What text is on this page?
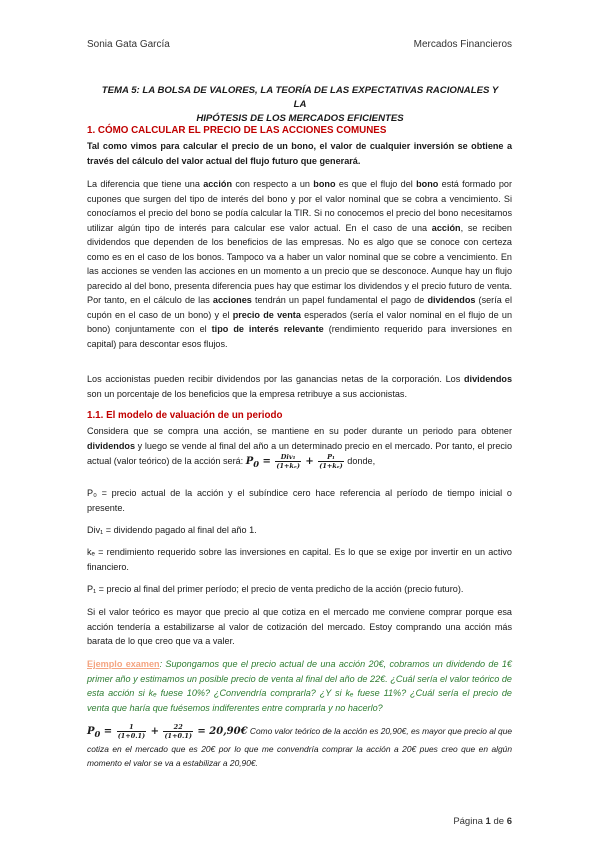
Sonia Gata García	Mercados Financieros
TEMA 5: LA BOLSA DE VALORES, LA TEORÍA DE LAS EXPECTATIVAS RACIONALES Y LA
HIPÓTESIS DE LOS MERCADOS EFICIENTES
1. CÓMO CALCULAR EL PRECIO DE LAS ACCIONES COMUNES
Tal como vimos para calcular el precio de un bono, el valor de cualquier inversión se obtiene a través del cálculo del valor actual del flujo futuro que generará.
La diferencia que tiene una acción con respecto a un bono es que el flujo del bono está formado por cupones que surgen del tipo de interés del bono y por el valor nominal que se cobra a vencimiento. Si conocíamos el precio del bono se podía calcular la TIR. Si no conocemos el precio del bono necesitamos utilizar algún tipo de interés para calcular ese valor actual. En el caso de una acción, se reciben dividendos que dependen de los beneficios de las empresas. No es algo que se conoce con certeza como es en el caso de los bonos. Tampoco va a haber un valor nominal que se cobre a vencimiento. En las acciones se venden las acciones en un momento a un precio que se desconoce. Aunque hay un flujo parecido al del bono, presenta diferencia pues hay que estimar los dividendos y el precio futuro de venta. Por tanto, en el cálculo de las acciones tendrán un papel fundamental el pago de dividendos (sería el cupón en el caso de un bono) y el precio de venta esperados (sería el valor nominal en el flujo de un bono) conjuntamente con el tipo de interés relevante (rendimiento requerido para inversiones en capital) para descontar esos flujos.
Los accionistas pueden recibir dividendos por las ganancias netas de la corporación. Los dividendos son un porcentaje de los beneficios que la empresa retribuye a sus accionistas.
1.1. El modelo de valuación de un periodo
Considera que se compra una acción, se mantiene en su poder durante un periodo para obtener dividendos y luego se vende al final del año a un determinado precio en el mercado. Por tanto, el precio actual (valor teórico) de la acción será: $P_0 = \frac{\text{Div₁}}{\text{(1+kₑ)}} + \frac{\text{P₁}}{\text{(1+kₑ)}}$ donde,
P₀ = precio actual de la acción y el subíndice cero hace referencia al período de tiempo inicial o presente.
Div₁ = dividendo pagado al final del año 1.
kₑ = rendimiento requerido sobre las inversiones en capital. Es lo que se exige por invertir en un activo financiero.
P₁ = precio al final del primer período; el precio de venta predicho de la acción (precio futuro).
Si el valor teórico es mayor que precio al que cotiza en el mercado me conviene comprar porque esa acción tendería a estabilizarse al valor de cotización del mercado. Estoy comprando una acción más barata de lo que creo que va a valer.
Ejemplo examen: Supongamos que el precio actual de una acción 20€, cobramos un dividendo de 1€ primer año y estimamos un posible precio de venta al final del año de 22€. ¿Cuál sería el valor teórico de esta acción si kₑ fuese 10%? ¿Convendría comprarla? ¿Y si kₑ fuese 11%? ¿Cuál sería el precio de venta que haría que fuésemos indiferentes entre comprarla y no hacerlo?
$P_0 = \frac{1}{(1+0.1)} + \frac{22}{(1+0.1)}$ = 20,90€ Como valor teórico de la acción es 20,90€, es mayor que precio al que cotiza en el mercado que es 20€ por lo que me convendría comprar la acción a 20€ pues creo que en algún momento el valor se va a estabilizar a 20,90€.
Página 1 de 6
